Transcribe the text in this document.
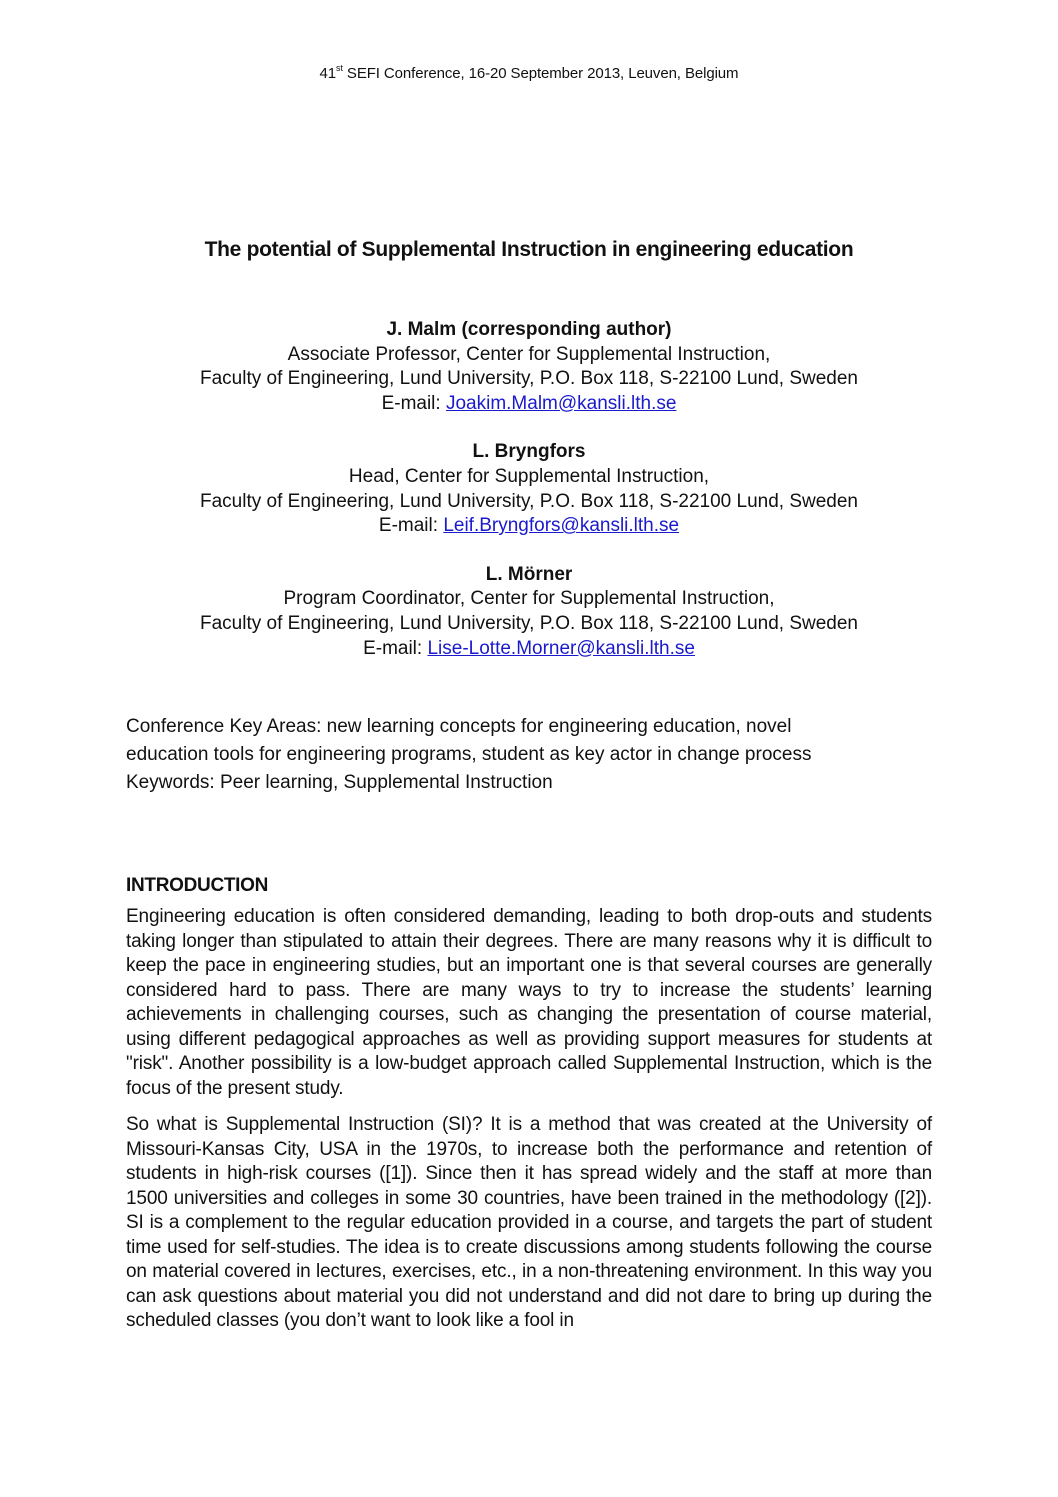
41st SEFI Conference, 16-20 September 2013, Leuven, Belgium
The potential of Supplemental Instruction in engineering education
J. Malm (corresponding author)
Associate Professor, Center for Supplemental Instruction,
Faculty of Engineering, Lund University, P.O. Box 118, S-22100 Lund, Sweden
E-mail: Joakim.Malm@kansli.lth.se
L. Bryngfors
Head, Center for Supplemental Instruction,
Faculty of Engineering, Lund University, P.O. Box 118, S-22100 Lund, Sweden
E-mail: Leif.Bryngfors@kansli.lth.se
L. Mörner
Program Coordinator, Center for Supplemental Instruction,
Faculty of Engineering, Lund University, P.O. Box 118, S-22100 Lund, Sweden
E-mail: Lise-Lotte.Morner@kansli.lth.se
Conference Key Areas: new learning concepts for engineering education, novel
education tools for engineering programs, student as key actor in change process
Keywords: Peer learning, Supplemental Instruction
INTRODUCTION

Engineering education is often considered demanding, leading to both drop-outs and students taking longer than stipulated to attain their degrees. There are many reasons why it is difficult to keep the pace in engineering studies, but an important one is that several courses are generally considered hard to pass. There are many ways to try to increase the students’ learning achievements in challenging courses, such as changing the presentation of course material, using different pedagogical approaches as well as providing support measures for students at "risk". Another possibility is a low-budget approach called Supplemental Instruction, which is the focus of the present study.

So what is Supplemental Instruction (SI)? It is a method that was created at the University of Missouri-Kansas City, USA in the 1970s, to increase both the performance and retention of students in high-risk courses ([1]). Since then it has spread widely and the staff at more than 1500 universities and colleges in some 30 countries, have been trained in the methodology ([2]). SI is a complement to the regular education provided in a course, and targets the part of student time used for self-studies. The idea is to create discussions among students following the course on material covered in lectures, exercises, etc., in a non-threatening environment. In this way you can ask questions about material you did not understand and did not dare to bring up during the scheduled classes (you don’t want to look like a fool in
